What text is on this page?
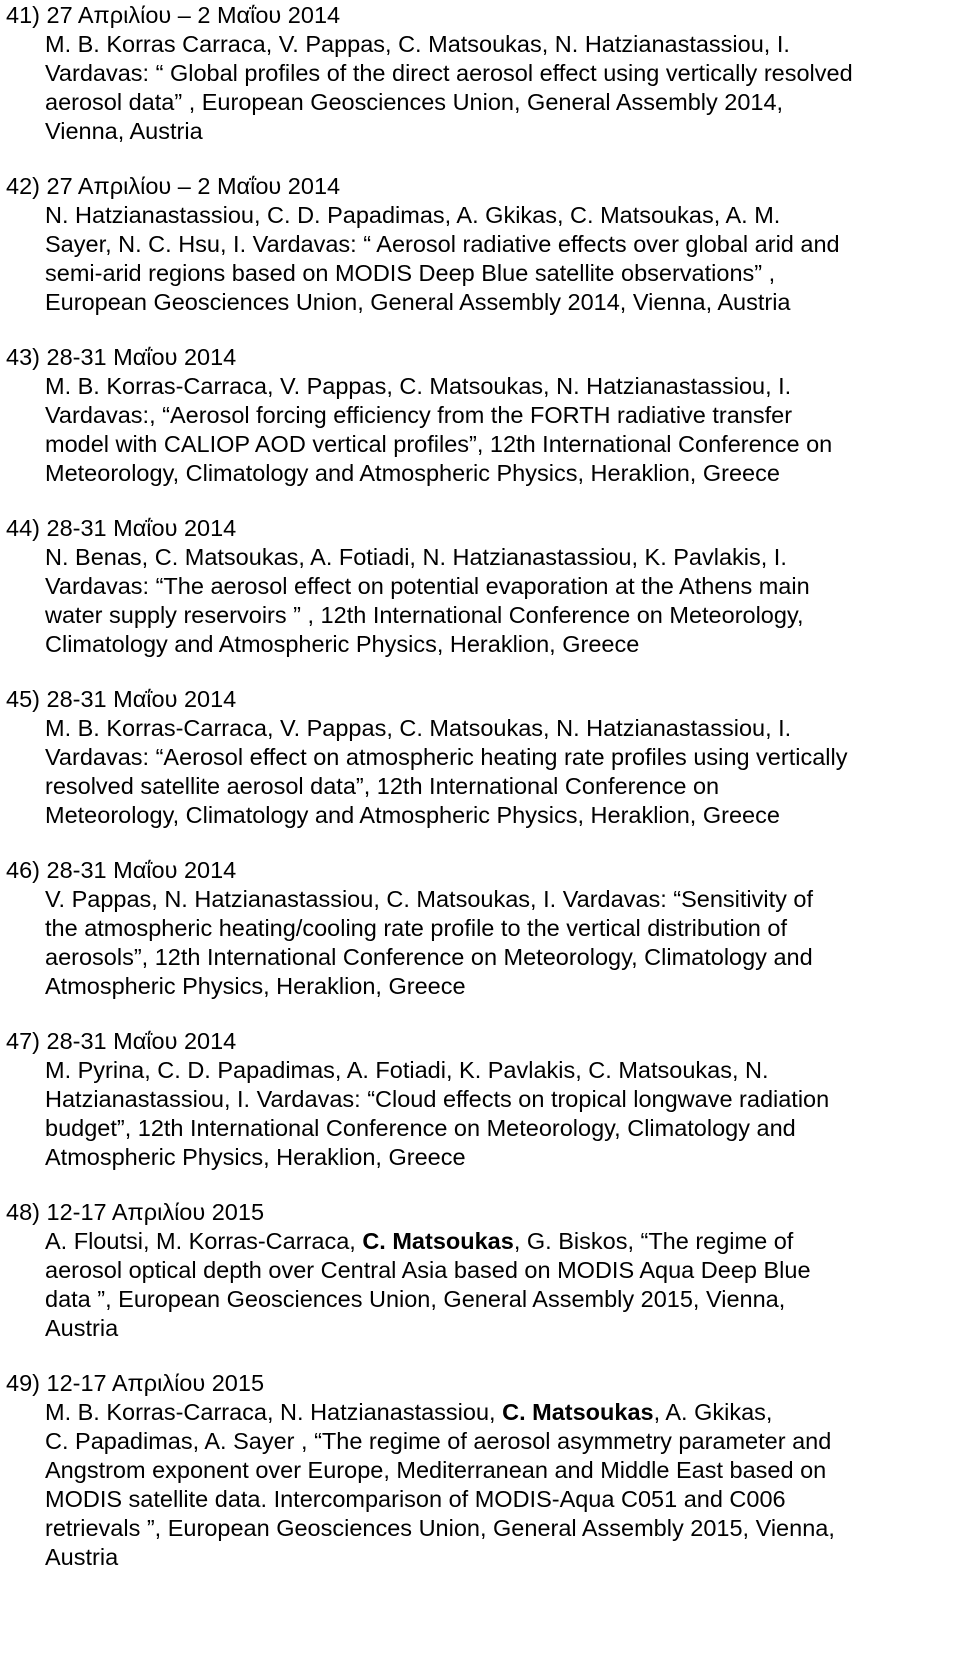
41) 27 Απριλίου – 2 Μαΐου 2014
M. B. Korras Carraca, V. Pappas, C. Matsoukas, N. Hatzianastassiou, I.
Vardavas: “ Global profiles of the direct aerosol effect using vertically resolved
aerosol data” , European Geosciences Union, General Assembly 2014,
Vienna, Austria
42) 27 Απριλίου – 2 Μαΐου 2014
N. Hatzianastassiou, C. D. Papadimas, A. Gkikas, C. Matsoukas, A. M.
Sayer, N. C. Hsu, I. Vardavas: “ Aerosol radiative effects over global arid and
semi-arid regions based on MODIS Deep Blue satellite observations” ,
European Geosciences Union, General Assembly 2014, Vienna, Austria
43) 28-31 Μαΐου 2014
M. B. Korras-Carraca, V. Pappas, C. Matsoukas, N. Hatzianastassiou, I.
Vardavas:, “Aerosol forcing efficiency from the FORTH radiative transfer
model with CALIOP AOD vertical profiles”, 12th International Conference on
Meteorology, Climatology and Atmospheric Physics, Heraklion, Greece
44) 28-31 Μαΐου 2014
N. Benas, C. Matsoukas, A. Fotiadi, N. Hatzianastassiou, K. Pavlakis, I.
Vardavas: “The aerosol effect on potential evaporation at the Athens main
water supply reservoirs ” , 12th International Conference on Meteorology,
Climatology and Atmospheric Physics, Heraklion, Greece
45) 28-31 Μαΐου 2014
M. B. Korras-Carraca, V. Pappas, C. Matsoukas, N. Hatzianastassiou, I.
Vardavas: “Aerosol effect on atmospheric heating rate profiles using vertically
resolved satellite aerosol data”, 12th International Conference on
Meteorology, Climatology and Atmospheric Physics, Heraklion, Greece
46) 28-31 Μαΐου 2014
V. Pappas, N. Hatzianastassiou, C. Matsoukas, I. Vardavas: “Sensitivity of
the atmospheric heating/cooling rate profile to the vertical distribution of
aerosols”, 12th International Conference on Meteorology, Climatology and
Atmospheric Physics, Heraklion, Greece
47) 28-31 Μαΐου 2014
M. Pyrina, C. D. Papadimas, A. Fotiadi, K. Pavlakis, C. Matsoukas, N.
Hatzianastassiou, I. Vardavas: “Cloud effects on tropical longwave radiation
budget”, 12th International Conference on Meteorology, Climatology and
Atmospheric Physics, Heraklion, Greece
48) 12-17 Απριλίου 2015
A. Floutsi, M. Korras-Carraca, C. Matsoukas, G. Biskos, “The regime of
aerosol optical depth over Central Asia based on MODIS Aqua Deep Blue
data ”, European Geosciences Union, General Assembly 2015, Vienna,
Austria
49) 12-17 Απριλίου 2015
M. B. Korras-Carraca, N. Hatzianastassiou, C. Matsoukas, A. Gkikas,
C. Papadimas, A. Sayer , “The regime of aerosol asymmetry parameter and
Angstrom exponent over Europe, Mediterranean and Middle East based on
MODIS satellite data. Intercomparison of MODIS-Aqua C051 and C006
retrievals ”, European Geosciences Union, General Assembly 2015, Vienna,
Austria
